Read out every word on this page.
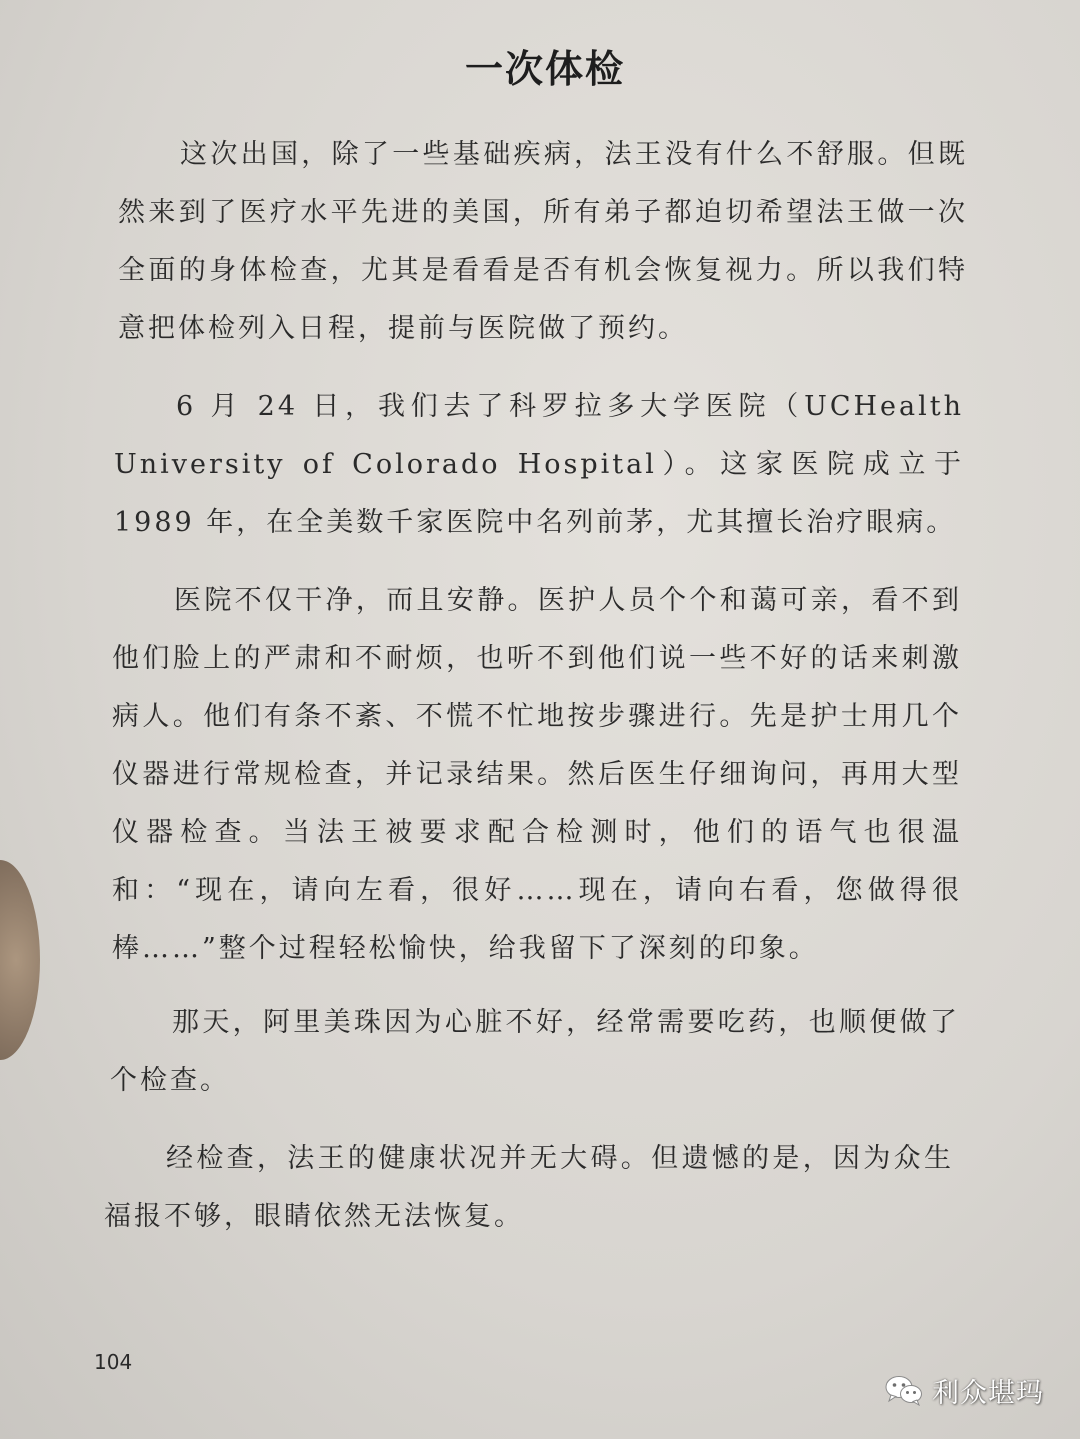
一次体检

这次出国，除了一些基础疾病，法王没有什么不舒服。但既然来到了医疗水平先进的美国，所有弟子都迫切希望法王做一次全面的身体检查，尤其是看看是否有机会恢复视力。所以我们特意把体检列入日程，提前与医院做了预约。

6 月 24 日，我们去了科罗拉多大学医院（UCHealth University of Colorado Hospital）。这家医院成立于 1989 年，在全美数千家医院中名列前茅，尤其擅长治疗眼病。

医院不仅干净，而且安静。医护人员个个和蔼可亲，看不到他们脸上的严肃和不耐烦，也听不到他们说一些不好的话来刺激病人。他们有条不紊、不慌不忙地按步骤进行。先是护士用几个仪器进行常规检查，并记录结果。然后医生仔细询问，再用大型仪器检查。当法王被要求配合检测时，他们的语气也很温和：“现在，请向左看，很好……现在，请向右看，您做得很棒……”整个过程轻松愉快，给我留下了深刻的印象。

那天，阿里美珠因为心脏不好，经常需要吃药，也顺便做了个检查。

经检查，法王的健康状况并无大碍。但遗憾的是，因为众生福报不够，眼睛依然无法恢复。

104
利众堪玛
